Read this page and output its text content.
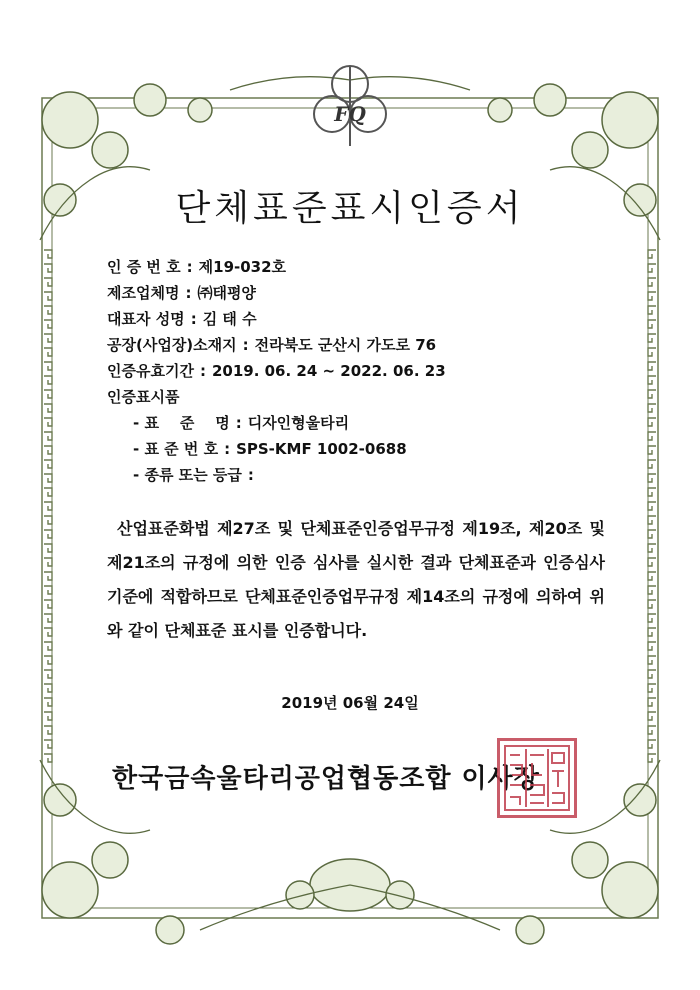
FQ
단체표준표시인증서
인 증 번 호 : 제19-032호
제조업체명 : ㈜태평양
대표자 성명 : 김 태 수
공장(사업장)소재지 : 전라북도 군산시 가도로 76
인증유효기간 : 2019. 06. 24 ~ 2022. 06. 23
인증표시품
- 표    준    명 : 디자인형울타리
- 표 준 번 호 : SPS-KMF 1002-0688
- 종류 또는 등급 :
산업표준화법 제27조 및 단체표준인증업무규정 제19조, 제20조 및 제21조의 규정에 의한 인증 심사를 실시한 결과 단체표준과 인증심사기준에 적합하므로 단체표준인증업무규정 제14조의 규정에 의하여 위와 같이 단체표준 표시를 인증합니다.
2019년 06월 24일
한국금속울타리공업협동조합 이사장
